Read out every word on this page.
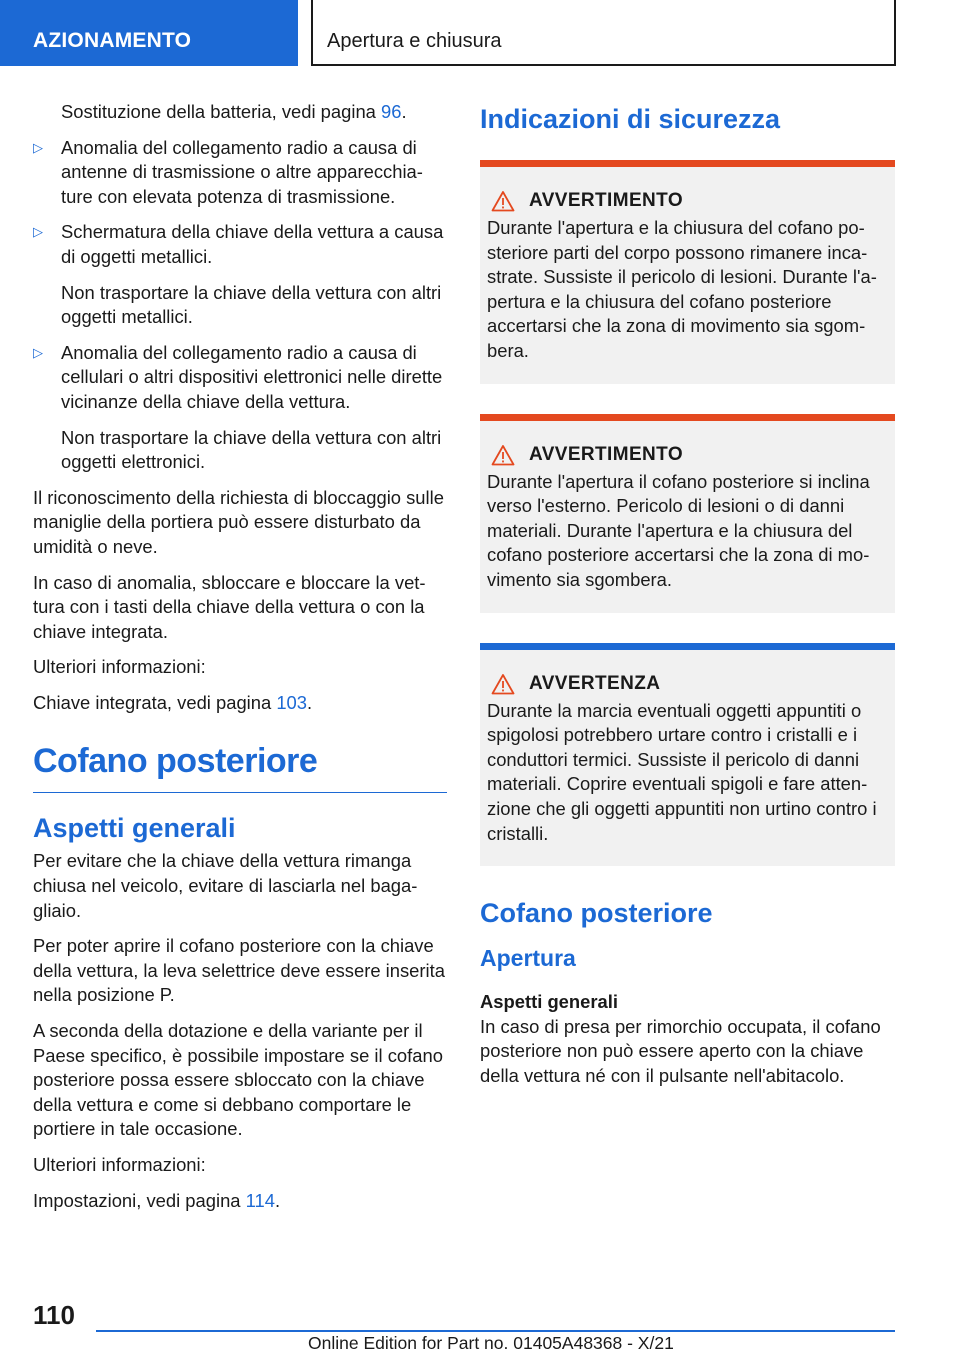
AZIONAMENTO	Apertura e chiusura
Sostituzione della batteria, vedi pagina 96.
▷ Anomalia del collegamento radio a causa di antenne di trasmissione o altre apparecchiature con elevata potenza di trasmissione.
▷ Schermatura della chiave della vettura a causa di oggetti metallici.
Non trasportare la chiave della vettura con altri oggetti metallici.
▷ Anomalia del collegamento radio a causa di cellulari o altri dispositivi elettronici nelle dirette vicinanze della chiave della vettura.
Non trasportare la chiave della vettura con altri oggetti elettronici.
Il riconoscimento della richiesta di bloccaggio sulle maniglie della portiera può essere disturbato da umidità o neve.
In caso di anomalia, sbloccare e bloccare la vettura con i tasti della chiave della vettura o con la chiave integrata.
Ulteriori informazioni:
Chiave integrata, vedi pagina 103.
Cofano posteriore
Aspetti generali
Per evitare che la chiave della vettura rimanga chiusa nel veicolo, evitare di lasciarla nel bagagliaio.
Per poter aprire il cofano posteriore con la chiave della vettura, la leva selettrice deve essere inserita nella posizione P.
A seconda della dotazione e della variante per il Paese specifico, è possibile impostare se il cofano posteriore possa essere sbloccato con la chiave della vettura e come si debbano comportare le portiere in tale occasione.
Ulteriori informazioni:
Impostazioni, vedi pagina 114.
Indicazioni di sicurezza
AVVERTIMENTO
Durante l'apertura e la chiusura del cofano posteriore parti del corpo possono rimanere incastrate. Sussiste il pericolo di lesioni. Durante l'apertura e la chiusura del cofano posteriore accertarsi che la zona di movimento sia sgombera.
AVVERTIMENTO
Durante l'apertura il cofano posteriore si inclina verso l'esterno. Pericolo di lesioni o di danni materiali. Durante l'apertura e la chiusura del cofano posteriore accertarsi che la zona di movimento sia sgombera.
AVVERTENZA
Durante la marcia eventuali oggetti appuntiti o spigolosi potrebbero urtare contro i cristalli e i conduttori termici. Sussiste il pericolo di danni materiali. Coprire eventuali spigoli e fare attenzione che gli oggetti appuntiti non urtino contro i cristalli.
Cofano posteriore
Apertura
Aspetti generali
In caso di presa per rimorchio occupata, il cofano posteriore non può essere aperto con la chiave della vettura né con il pulsante nell'abitacolo.
110
Online Edition for Part no. 01405A48368 - X/21
